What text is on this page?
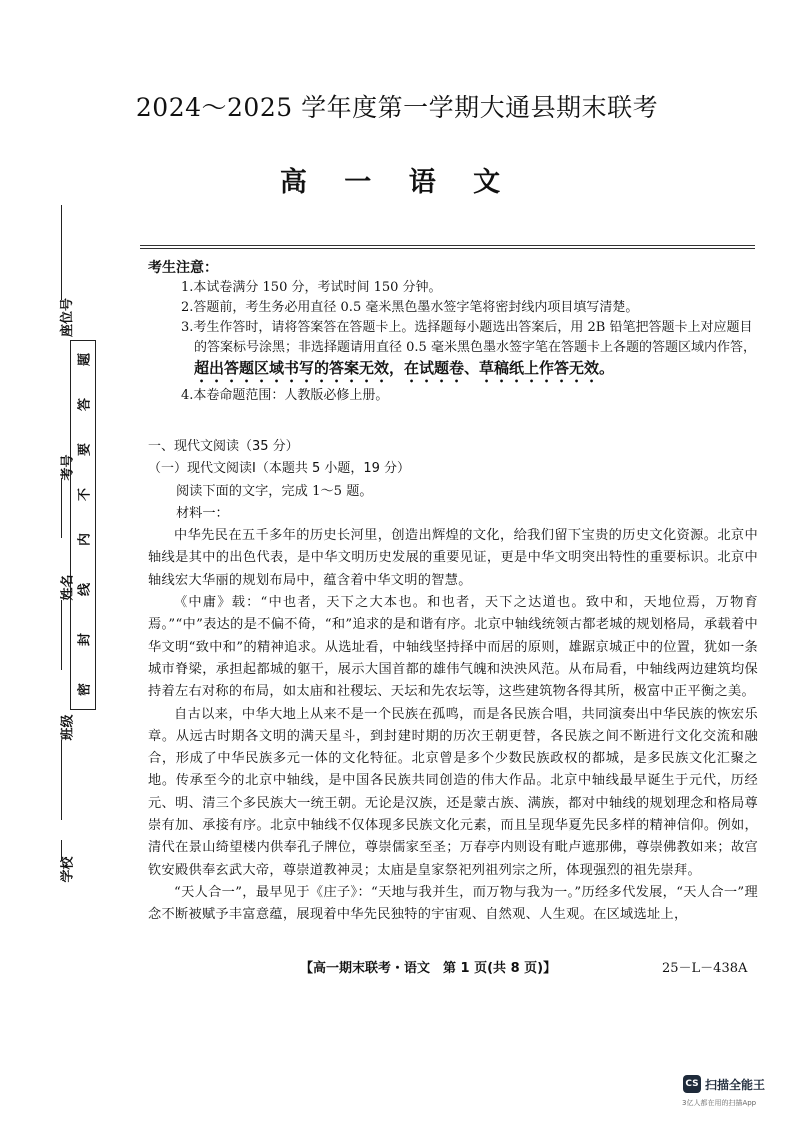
题
答
要
不
内
线
封
密
座位号
考号
姓名
班级
学校
2024～2025 学年度第一学期大通县期末联考
高 一 语 文
考生注意：
1.本试卷满分 150 分，考试时间 150 分钟。
2.答题前，考生务必用直径 0.5 毫米黑色墨水签字笔将密封线内项目填写清楚。
3.考生作答时，请将答案答在答题卡上。选择题每小题选出答案后，用 2B 铅笔把答题卡上对应题目的答案标号涂黑；非选择题请用直径 0.5 毫米黑色墨水签字笔在答题卡上各题的答题区域内作答，超出答题区域书写的答案无效，在试题卷、草稿纸上作答无效。
4.本卷命题范围：人教版必修上册。
一、现代文阅读（35 分）
（一）现代文阅读Ⅰ（本题共 5 小题，19 分）
阅读下面的文字，完成 1～5 题。
材料一：
中华先民在五千多年的历史长河里，创造出辉煌的文化，给我们留下宝贵的历史文化资源。北京中轴线是其中的出色代表，是中华文明历史发展的重要见证，更是中华文明突出特性的重要标识。北京中轴线宏大华丽的规划布局中，蕴含着中华文明的智慧。
《中庸》载：“中也者，天下之大本也。和也者，天下之达道也。致中和，天地位焉，万物育焉。”“中”表达的是不偏不倚，“和”追求的是和谐有序。北京中轴线统领古都老城的规划格局，承载着中华文明“致中和”的精神追求。从选址看，中轴线坚持择中而居的原则，雄踞京城正中的位置，犹如一条城市脊梁，承担起都城的躯干，展示大国首都的雄伟气魄和泱泱风范。从布局看，中轴线两边建筑均保持着左右对称的布局，如太庙和社稷坛、天坛和先农坛等，这些建筑物各得其所，极富中正平衡之美。
自古以来，中华大地上从来不是一个民族在孤鸣，而是各民族合唱，共同演奏出中华民族的恢宏乐章。从远古时期各文明的满天星斗，到封建时期的历次王朝更替，各民族之间不断进行文化交流和融合，形成了中华民族多元一体的文化特征。北京曾是多个少数民族政权的都城，是多民族文化汇聚之地。传承至今的北京中轴线，是中国各民族共同创造的伟大作品。北京中轴线最早诞生于元代，历经元、明、清三个多民族大一统王朝。无论是汉族，还是蒙古族、满族，都对中轴线的规划理念和格局尊崇有加、承接有序。北京中轴线不仅体现多民族文化元素，而且呈现华夏先民多样的精神信仰。例如，清代在景山绮望楼内供奉孔子牌位，尊崇儒家至圣；万春亭内则设有毗卢遮那佛，尊崇佛教如来；故宫钦安殿供奉玄武大帝，尊崇道教神灵；太庙是皇家祭祀列祖列宗之所，体现强烈的祖先崇拜。
“天人合一”，最早见于《庄子》：“天地与我并生，而万物与我为一。”历经多代发展，“天人合一”理念不断被赋予丰富意蕴，展现着中华先民独特的宇宙观、自然观、人生观。在区域选址上，
【高一期末联考・语文　第 1 页(共 8 页)】	25－L－438A
CS 扫描全能王
3亿人都在用的扫描App
